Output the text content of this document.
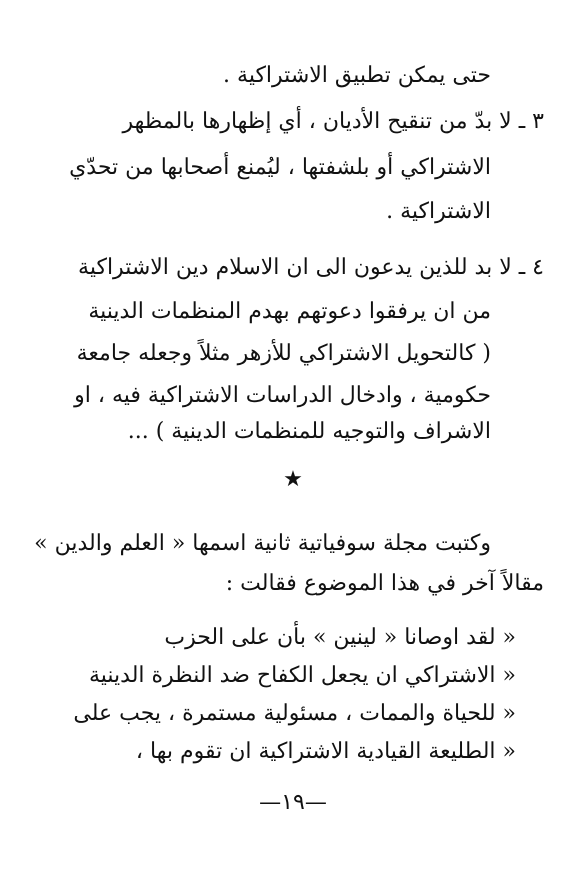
حتى يمكن تطبيق الاشتراكية .
٣ ـ لا بدّ من تنقيح الأديان ، أي إظهارها بالمظهر
الاشتراكي أو بلشفتها ، ليُمنع أصحابها من تحدّي
الاشتراكية .
٤ ـ لا بد للذين يدعون الى ان الاسلام دين الاشتراكية
من ان يرفقوا دعوتهم بهدم المنظمات الدينية
( كالتحويل الاشتراكي للأزهر مثلاً وجعله جامعة
حكومية ، وادخال الدراسات الاشتراكية فيه ، او
الاشراف والتوجيه للمنظمات الدينية ) ...
★
وكتبت مجلة سوفياتية ثانية اسمها « العلم والدين »
مقالاً آخر في هذا الموضوع فقالت :
« لقد اوصانا « لينين » بأن على الحزب
« الاشتراكي ان يجعل الكفاح ضد النظرة الدينية
« للحياة والممات ، مسئولية مستمرة ، يجب على
« الطليعة القيادية الاشتراكية ان تقوم بها ،
—١٩—
